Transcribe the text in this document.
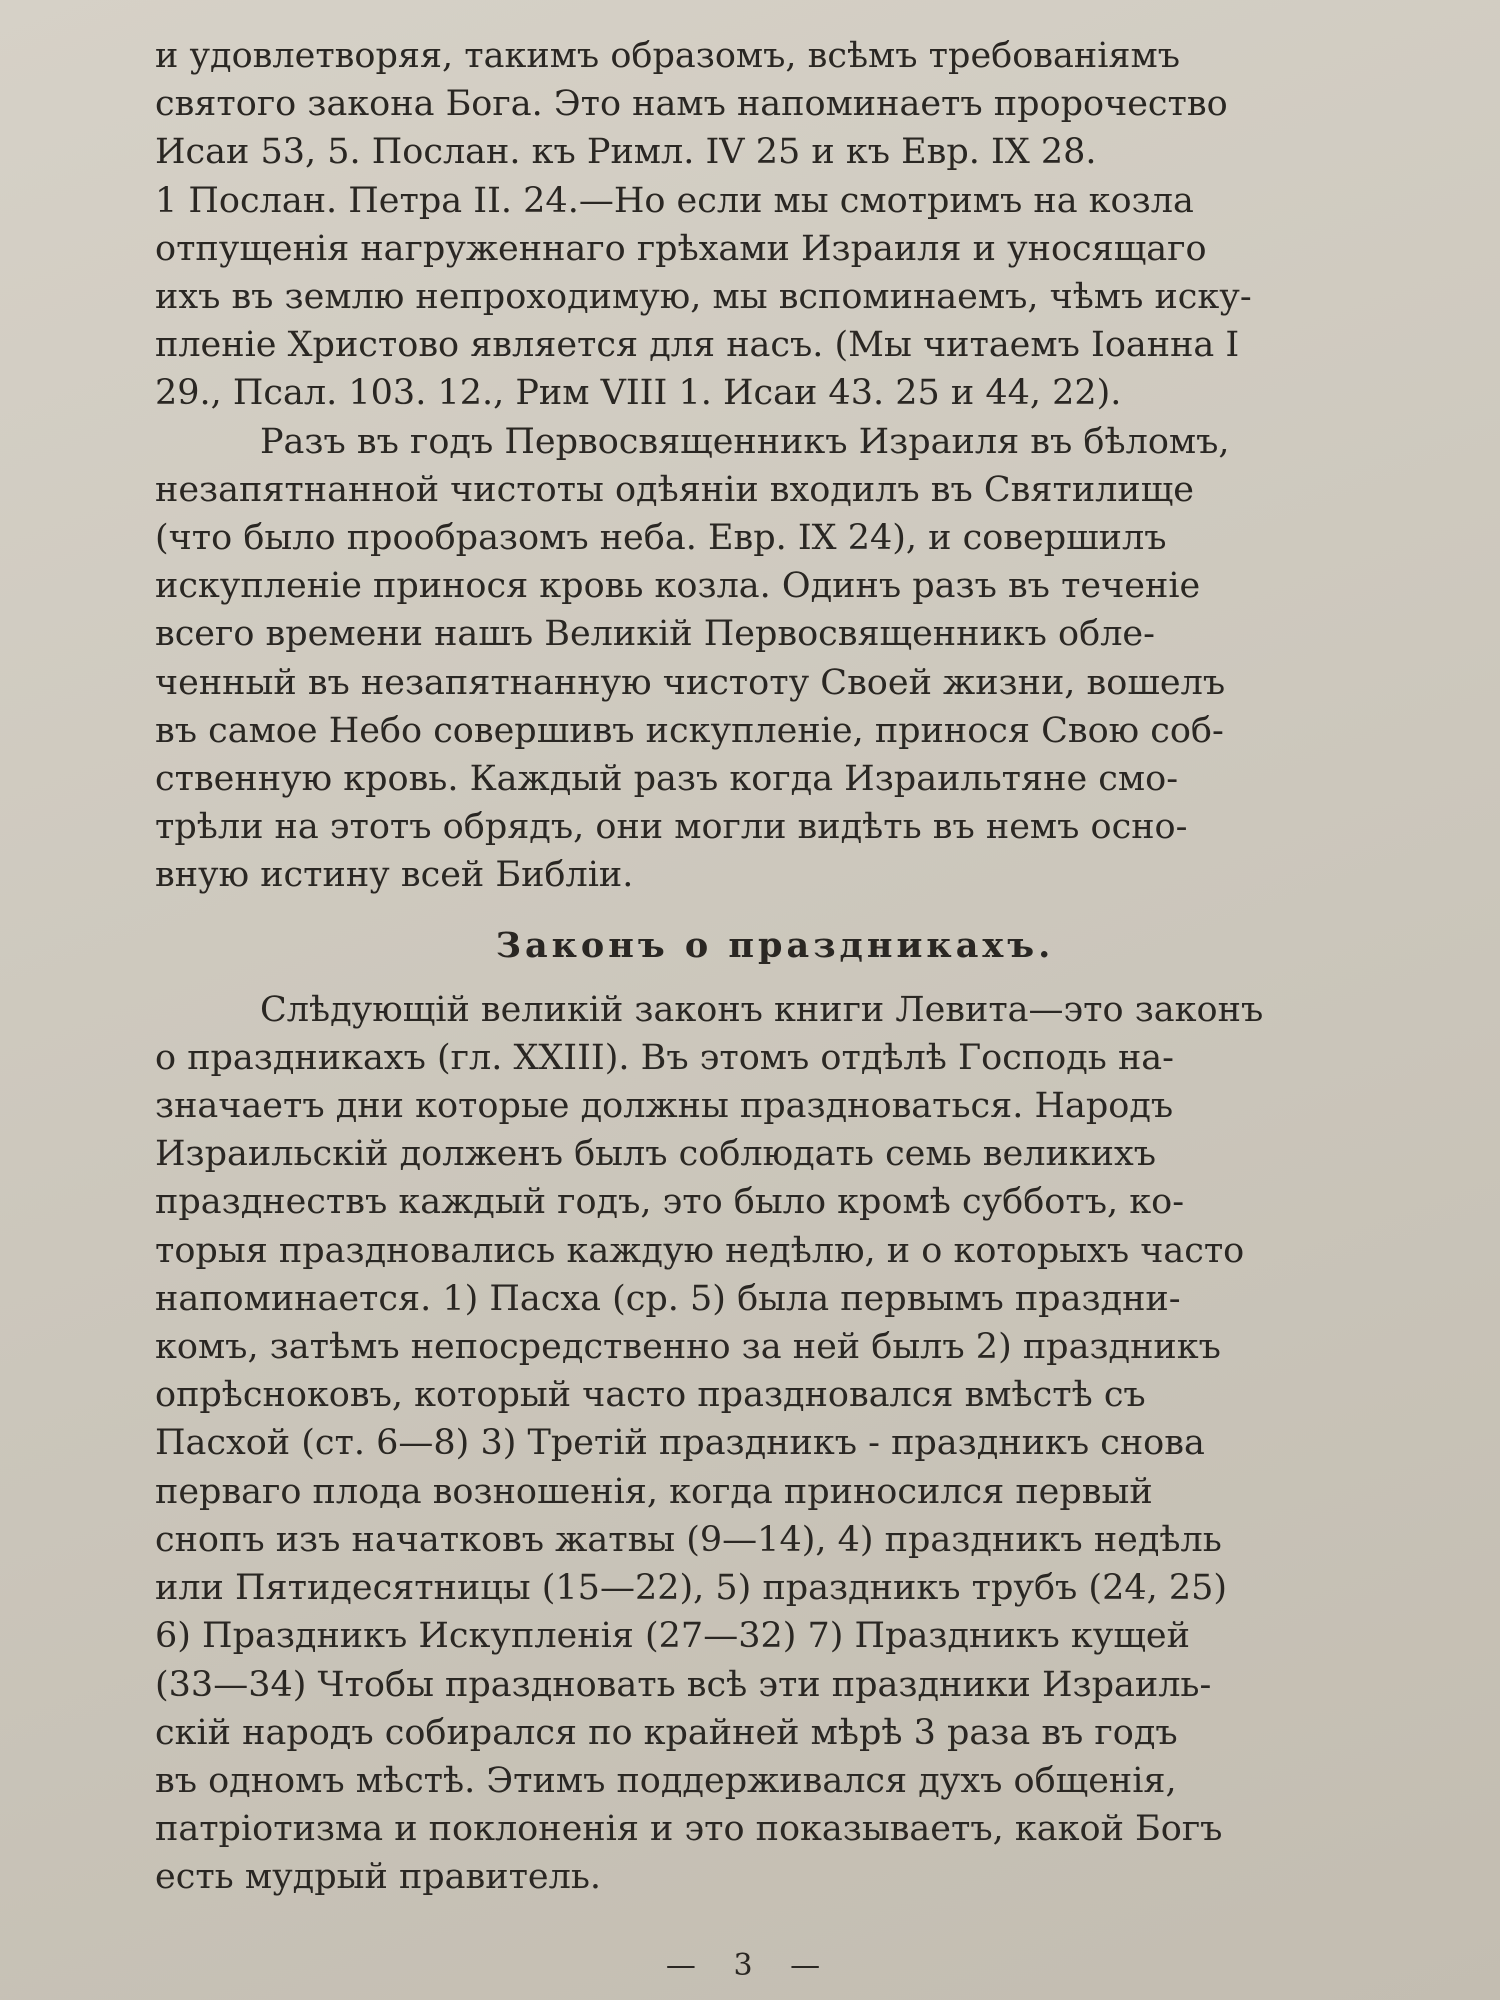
и удовлетворяя, такимъ образомъ, всѣмъ требованіямъ
святого закона Бога. Это намъ напоминаетъ пророчество
Исаи 53, 5. Послан. къ Римл. IV 25 и къ Евр. IX 28.
1 Послан. Петра II. 24.—Но если мы смотримъ на козла
отпущенія нагруженнаго грѣхами Израиля и уносящаго
ихъ въ землю непроходимую, мы вспоминаемъ, чѣмъ иску-
пленіе Христово является для насъ. (Мы читаемъ Іоанна I
29., Псал. 103. 12., Рим VIII 1. Исаи 43. 25 и 44, 22).

Разъ въ годъ Первосвященникъ Израиля въ бѣломъ,
незапятнанной чистоты одѣяніи входилъ въ Святилище
(что было прообразомъ неба. Евр. IX 24), и совершилъ
искупленіе принося кровь козла. Одинъ разъ въ теченіе
всего времени нашъ Великій Первосвященникъ обле-
ченный въ незапятнанную чистоту Своей жизни, вошелъ
въ самое Небо совершивъ искупленіе, принося Свою соб-
ственную кровь. Каждый разъ когда Израильтяне смо-
трѣли на этотъ обрядъ, они могли видѣть въ немъ осно-
вную истину всей Библіи.

Законъ о праздникахъ.

Слѣдующій великій законъ книги Левита—это законъ
о праздникахъ (гл. XXIII). Въ этомъ отдѣлѣ Господь на-
значаетъ дни которые должны праздноваться. Народъ
Израильскій долженъ былъ соблюдать семь великихъ
празднествъ каждый годъ, это было кромѣ субботъ, ко-
торыя праздновались каждую недѣлю, и о которыхъ часто
напоминается. 1) Пасха (ср. 5) была первымъ праздни-
комъ, затѣмъ непосредственно за ней былъ 2) праздникъ
опрѣсноковъ, который часто праздновался вмѣстѣ съ
Пасхой (ст. 6—8) 3) Третій праздникъ - праздникъ снова
перваго плода возношенія, когда приносился первый
снопъ изъ начатковъ жатвы (9—14), 4) праздникъ недѣль
или Пятидесятницы (15—22), 5) праздникъ трубъ (24, 25)
6) Праздникъ Искупленія (27—32) 7) Праздникъ кущей
(33—34) Чтобы праздновать всѣ эти праздники Израиль-
скій народъ собирался по крайней мѣрѣ 3 раза въ годъ
въ одномъ мѣстѣ. Этимъ поддерживался духъ общенія,
патріотизма и поклоненія и это показываетъ, какой Богъ
есть мудрый правитель.

— 3 —
